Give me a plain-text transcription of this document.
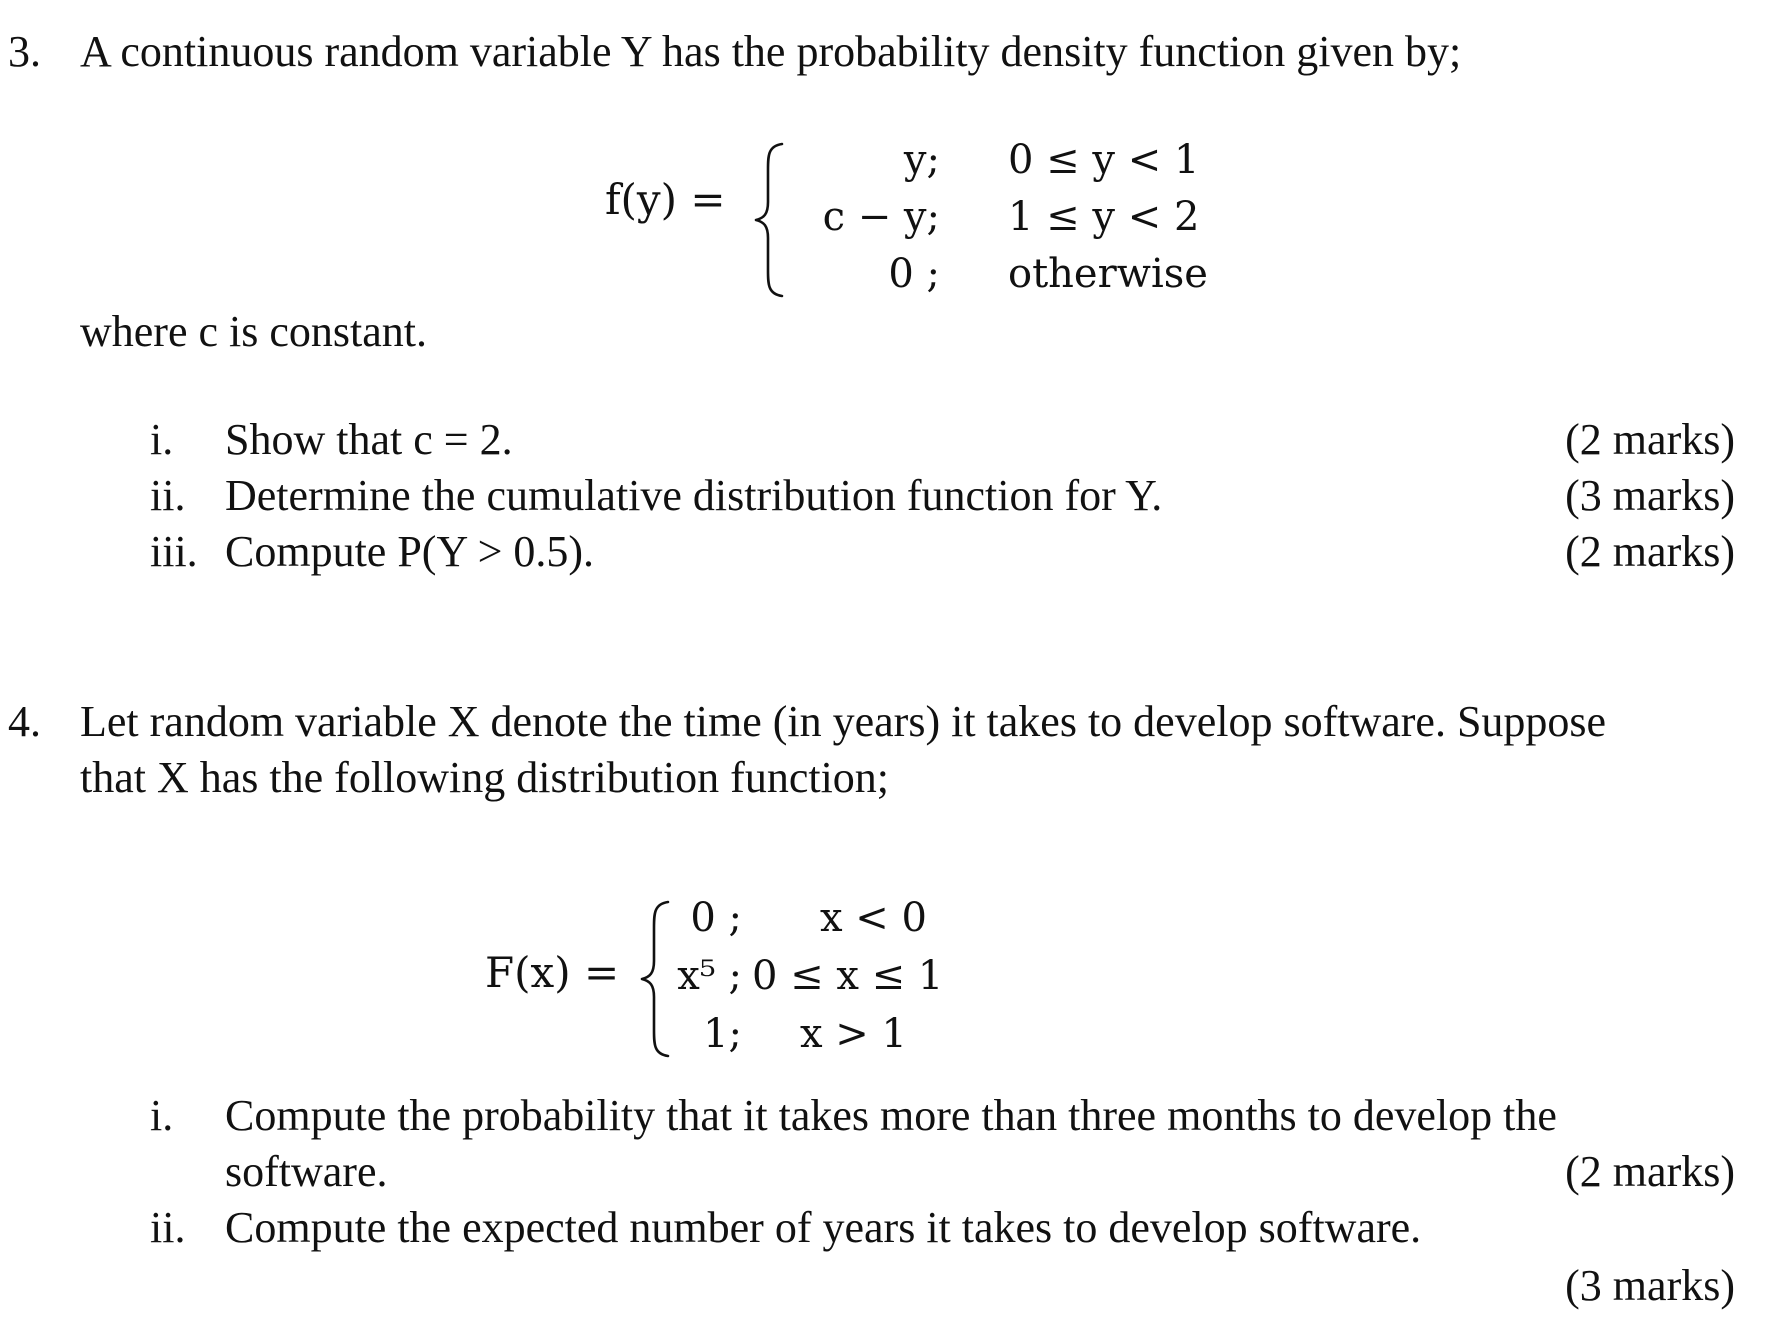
3. A continuous random variable Y has the probability density function given by;
f(y) =
y; 0 ≤ y < 1
c − y; 1 ≤ y < 2
0 ; otherwise
where c is constant.
i. Show that c = 2.	(2 marks)
ii. Determine the cumulative distribution function for Y.	(3 marks)
iii. Compute P(Y > 0.5).	(2 marks)
4. Let random variable X denote the time (in years) it takes to develop software. Suppose
that X has the following distribution function;
F(x) =
0 ; x < 0
x⁵ ; 0 ≤ x ≤ 1
1; x > 1
i. Compute the probability that it takes more than three months to develop the
software.	(2 marks)
ii. Compute the expected number of years it takes to develop software.
(3 marks)
